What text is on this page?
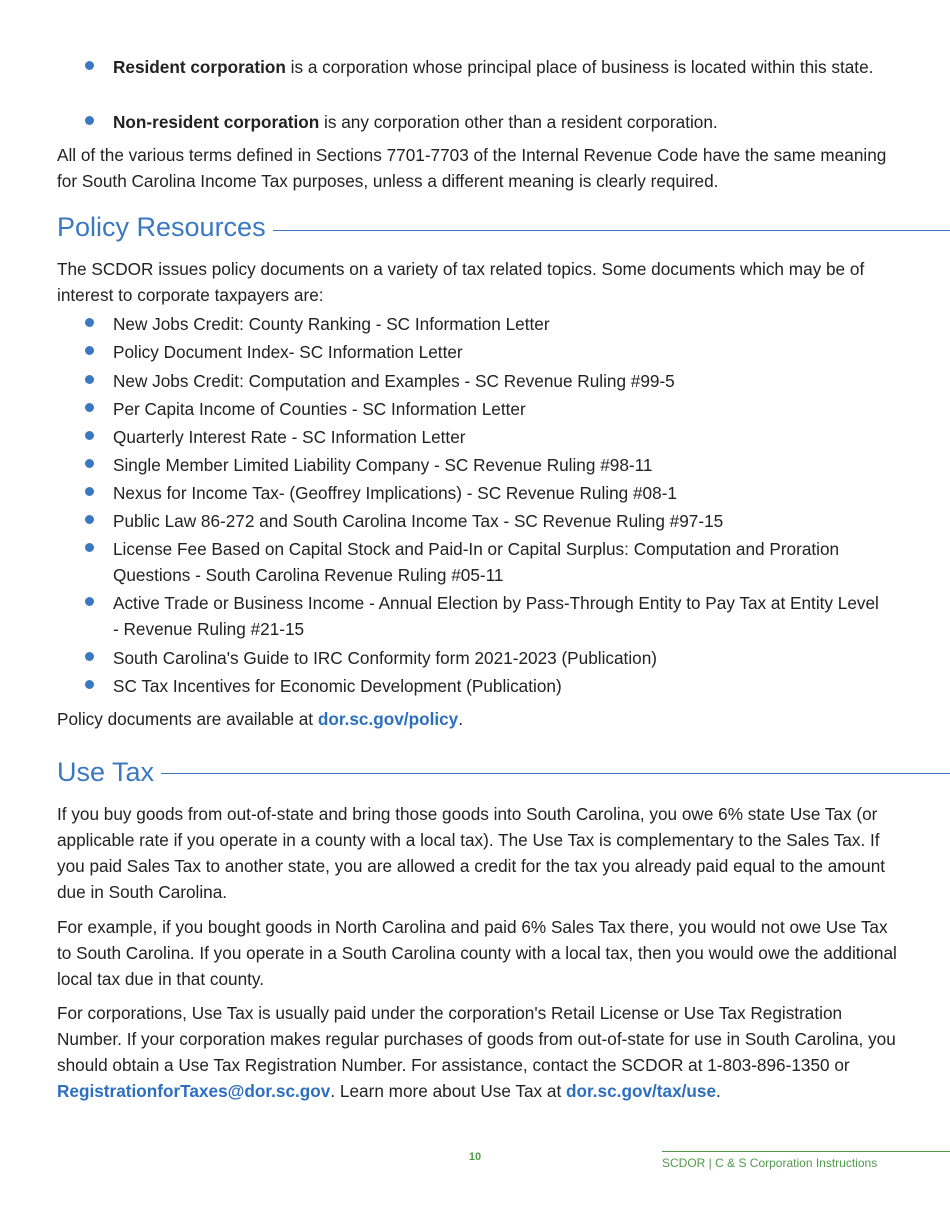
Resident corporation is a corporation whose principal place of business is located within this state.
Non-resident corporation is any corporation other than a resident corporation.
All of the various terms defined in Sections 7701-7703 of the Internal Revenue Code have the same meaning for South Carolina Income Tax purposes, unless a different meaning is clearly required.
Policy Resources
The SCDOR issues policy documents on a variety of tax related topics. Some documents which may be of interest to corporate taxpayers are:
New Jobs Credit: County Ranking - SC Information Letter
Policy Document Index- SC Information Letter
New Jobs Credit: Computation and Examples - SC Revenue Ruling #99-5
Per Capita Income of Counties - SC Information Letter
Quarterly Interest Rate - SC Information Letter
Single Member Limited Liability Company - SC Revenue Ruling #98-11
Nexus for Income Tax- (Geoffrey Implications) - SC Revenue Ruling #08-1
Public Law 86-272 and South Carolina Income Tax - SC Revenue Ruling #97-15
License Fee Based on Capital Stock and Paid-In or Capital Surplus: Computation and Proration Questions - South Carolina Revenue Ruling #05-11
Active Trade or Business Income - Annual Election by Pass-Through Entity to Pay Tax at Entity Level - Revenue Ruling #21-15
South Carolina's Guide to IRC Conformity form 2021-2023 (Publication)
SC Tax Incentives for Economic Development (Publication)
Policy documents are available at dor.sc.gov/policy.
Use Tax
If you buy goods from out-of-state and bring those goods into South Carolina, you owe 6% state Use Tax (or applicable rate if you operate in a county with a local tax). The Use Tax is complementary to the Sales Tax. If you paid Sales Tax to another state, you are allowed a credit for the tax you already paid equal to the amount due in South Carolina.
For example, if you bought goods in North Carolina and paid 6% Sales Tax there, you would not owe Use Tax to South Carolina. If you operate in a South Carolina county with a local tax, then you would owe the additional local tax due in that county.
For corporations, Use Tax is usually paid under the corporation's Retail License or Use Tax Registration Number. If your corporation makes regular purchases of goods from out-of-state for use in South Carolina, you should obtain a Use Tax Registration Number. For assistance, contact the SCDOR at 1-803-896-1350 or RegistrationforTaxes@dor.sc.gov. Learn more about Use Tax at dor.sc.gov/tax/use.
10	SCDOR | C & S Corporation Instructions
